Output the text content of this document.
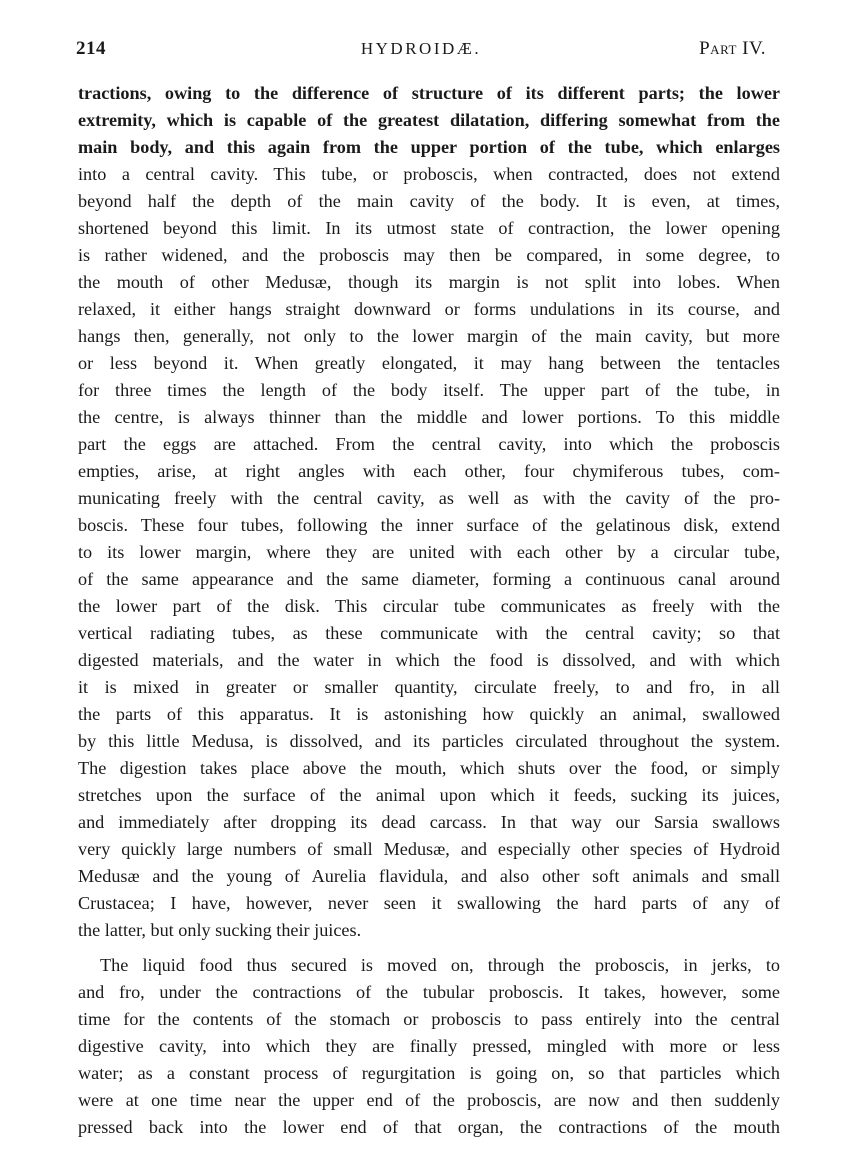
214	HYDROIDÆ.	Part IV.
tractions, owing to the difference of structure of its different parts; the lower
extremity, which is capable of the greatest dilatation, differing somewhat from the
main body, and this again from the upper portion of the tube, which enlarges
into a central cavity. This tube, or proboscis, when contracted, does not extend
beyond half the depth of the main cavity of the body. It is even, at times,
shortened beyond this limit. In its utmost state of contraction, the lower opening
is rather widened, and the proboscis may then be compared, in some degree, to
the mouth of other Medusæ, though its margin is not split into lobes. When
relaxed, it either hangs straight downward or forms undulations in its course, and
hangs then, generally, not only to the lower margin of the main cavity, but more
or less beyond it. When greatly elongated, it may hang between the tentacles
for three times the length of the body itself. The upper part of the tube, in
the centre, is always thinner than the middle and lower portions. To this middle
part the eggs are attached. From the central cavity, into which the proboscis
empties, arise, at right angles with each other, four chymiferous tubes, com-
municating freely with the central cavity, as well as with the cavity of the pro-
boscis. These four tubes, following the inner surface of the gelatinous disk, extend
to its lower margin, where they are united with each other by a circular tube,
of the same appearance and the same diameter, forming a continuous canal around
the lower part of the disk. This circular tube communicates as freely with the
vertical radiating tubes, as these communicate with the central cavity; so that
digested materials, and the water in which the food is dissolved, and with which
it is mixed in greater or smaller quantity, circulate freely, to and fro, in all
the parts of this apparatus. It is astonishing how quickly an animal, swallowed
by this little Medusa, is dissolved, and its particles circulated throughout the system.
The digestion takes place above the mouth, which shuts over the food, or simply
stretches upon the surface of the animal upon which it feeds, sucking its juices,
and immediately after dropping its dead carcass. In that way our Sarsia swallows
very quickly large numbers of small Medusæ, and especially other species of Hydroid
Medusæ and the young of Aurelia flavidula, and also other soft animals and small
Crustacea; I have, however, never seen it swallowing the hard parts of any of
the latter, but only sucking their juices.
The liquid food thus secured is moved on, through the proboscis, in jerks, to
and fro, under the contractions of the tubular proboscis. It takes, however, some
time for the contents of the stomach or proboscis to pass entirely into the central
digestive cavity, into which they are finally pressed, mingled with more or less
water; as a constant process of regurgitation is going on, so that particles which
were at one time near the upper end of the proboscis, are now and then suddenly
pressed back into the lower end of that organ, the contractions of the mouth
